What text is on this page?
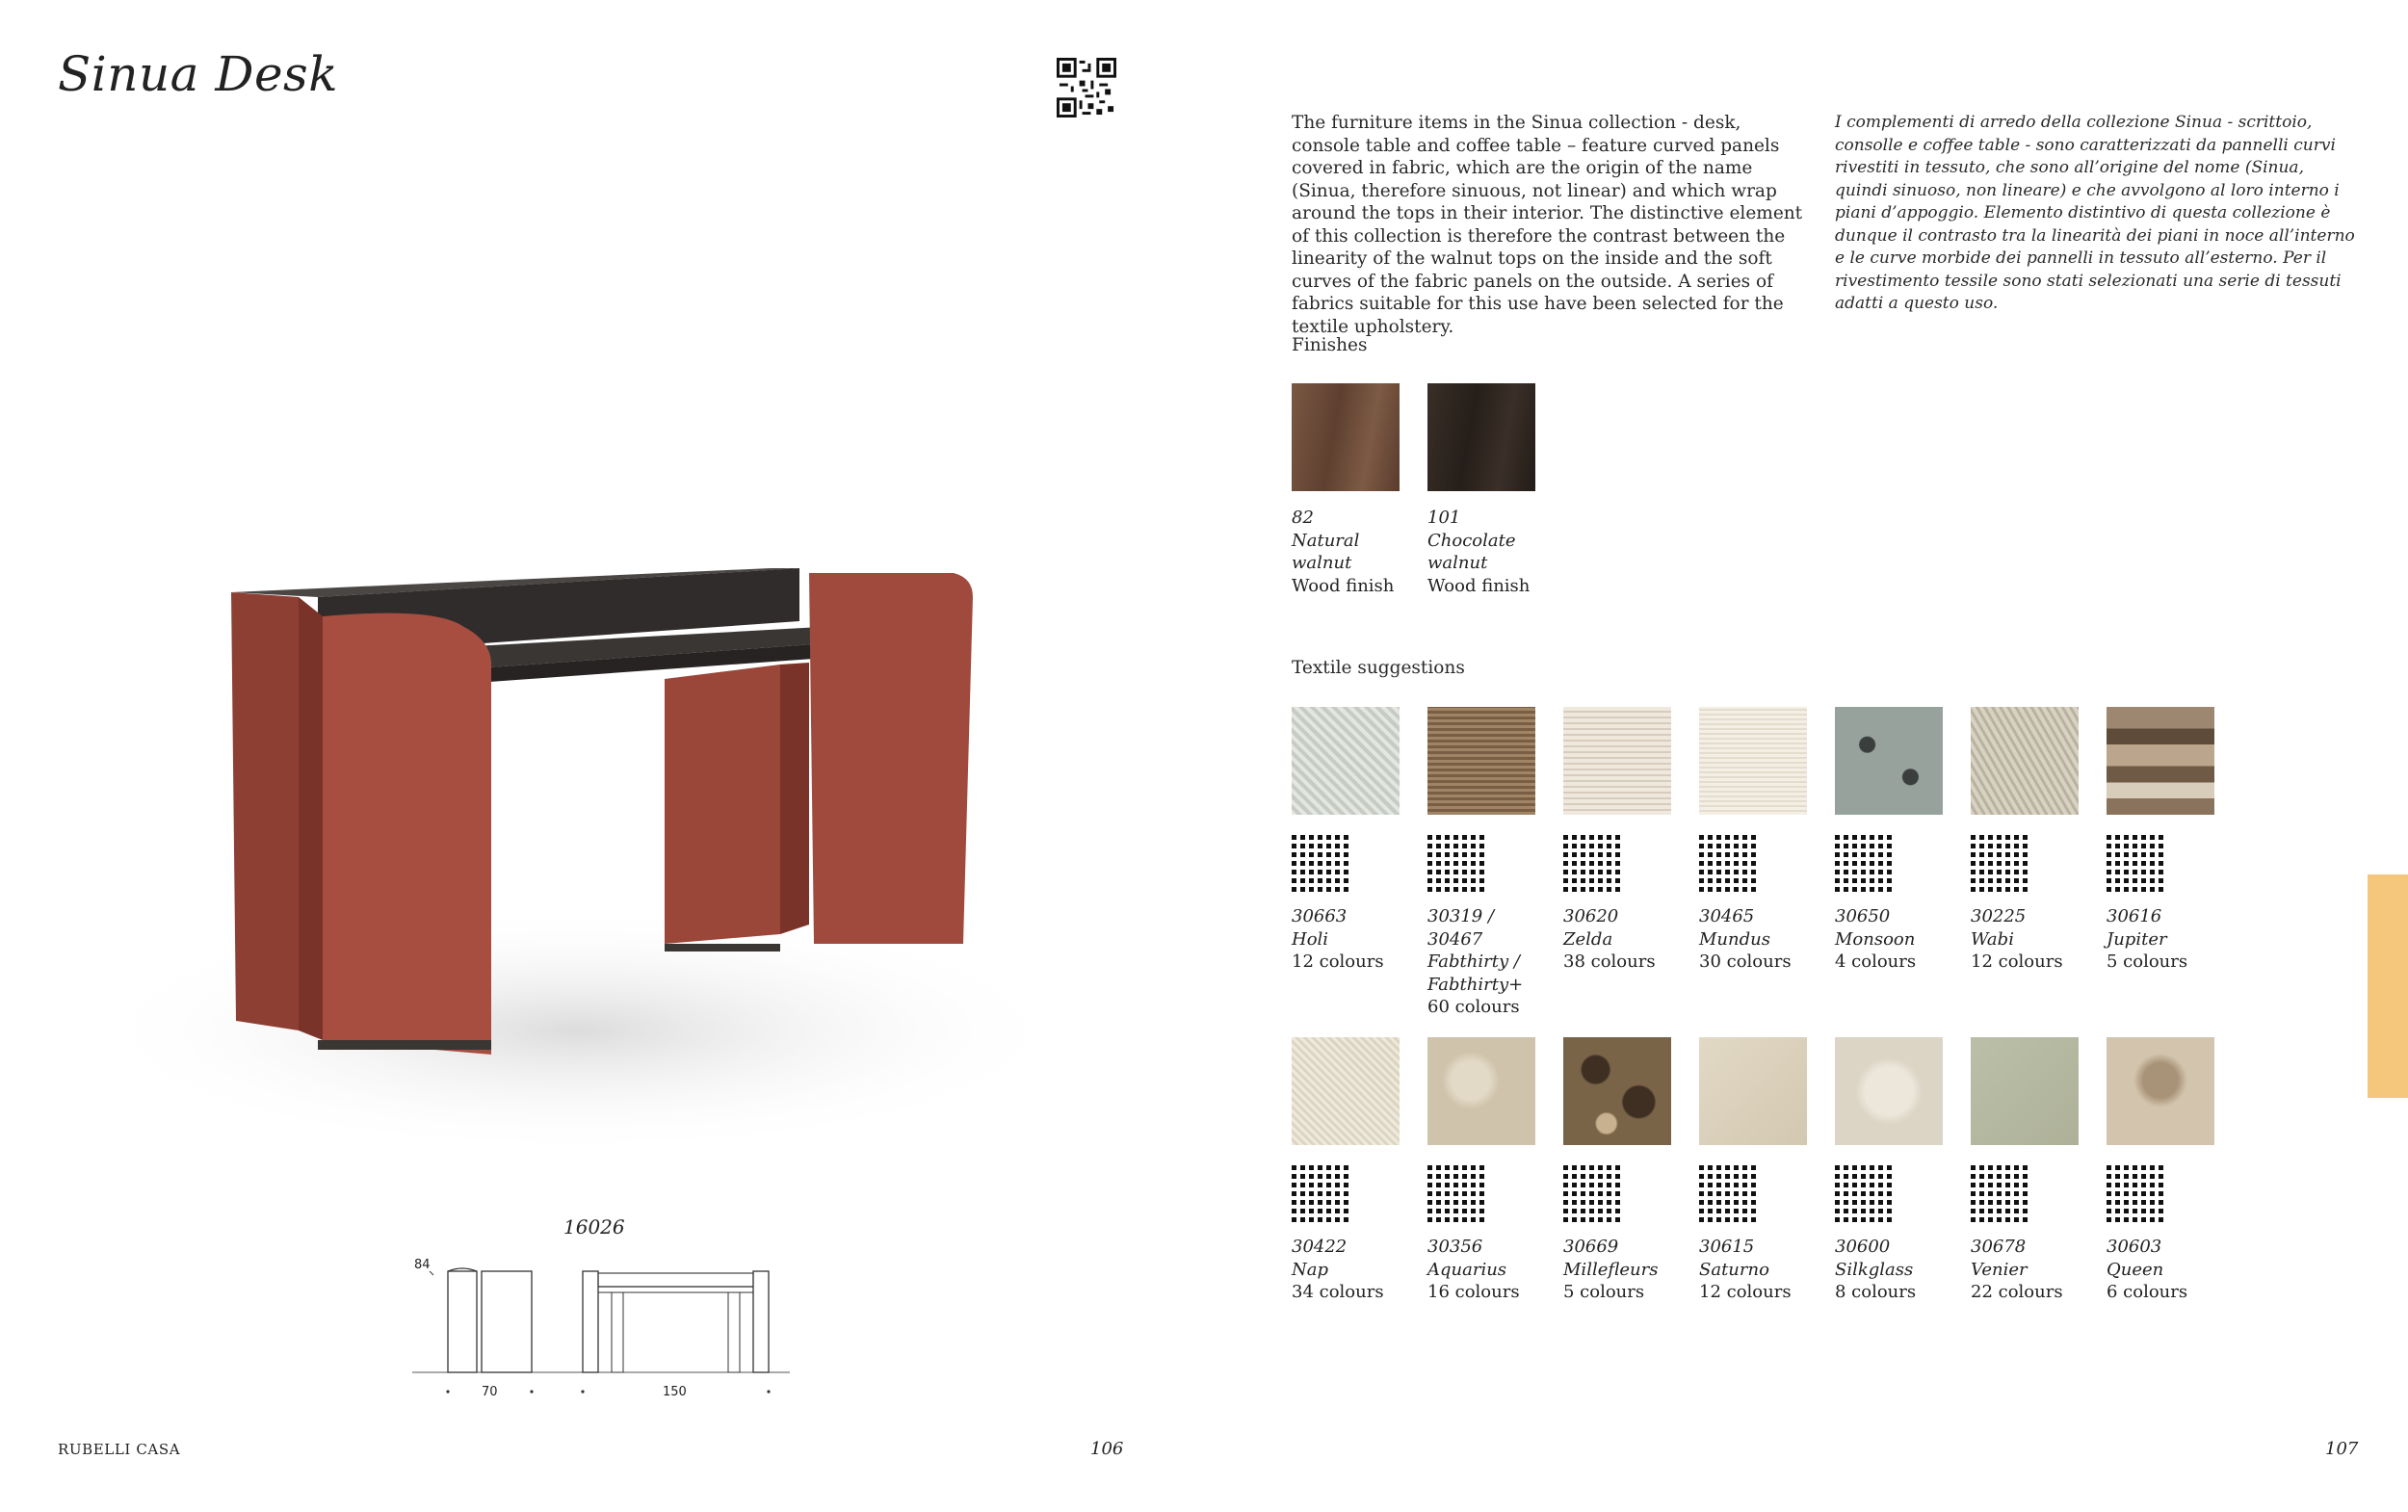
Sinua Desk
The furniture items in the Sinua collection - desk, console table and coffee table – feature curved panels covered in fabric, which are the origin of the name (Sinua, therefore sinuous, not linear) and which wrap around the tops in their interior. The distinctive element of this collection is therefore the contrast between the linearity of the walnut tops on the inside and the soft curves of the fabric panels on the outside. A series of fabrics suitable for this use have been selected for the textile upholstery.
I complementi di arredo della collezione Sinua - scrittoio, consolle e coffee table - sono caratterizzati da pannelli curvi rivestiti in tessuto, che sono all’origine del nome (Sinua, quindi sinuoso, non lineare) e che avvolgono al loro interno i piani d’appoggio. Elemento distintivo di questa collezione è dunque il contrasto tra la linearità dei piani in noce all’interno e le curve morbide dei pannelli in tessuto all’esterno. Per il rivestimento tessile sono stati selezionati una serie di tessuti adatti a questo uso.
Finishes
82
Natural
walnut
Wood finish
101
Chocolate
walnut
Wood finish
Textile suggestions
30663
Holi
12 colours
30319 / 30467
Fabthirty /
Fabthirty+
60 colours
30620
Zelda
38 colours
30465
Mundus
30 colours
30650
Monsoon
4 colours
30225
Wabi
12 colours
30616
Jupiter
5 colours
30422
Nap
34 colours
30356
Aquarius
16 colours
30669
Millefleurs
5 colours
30615
Saturno
12 colours
30600
Silkglass
8 colours
30678
Venier
22 colours
30603
Queen
6 colours
16026
84
70	150
RUBELLI CASA	106	107
